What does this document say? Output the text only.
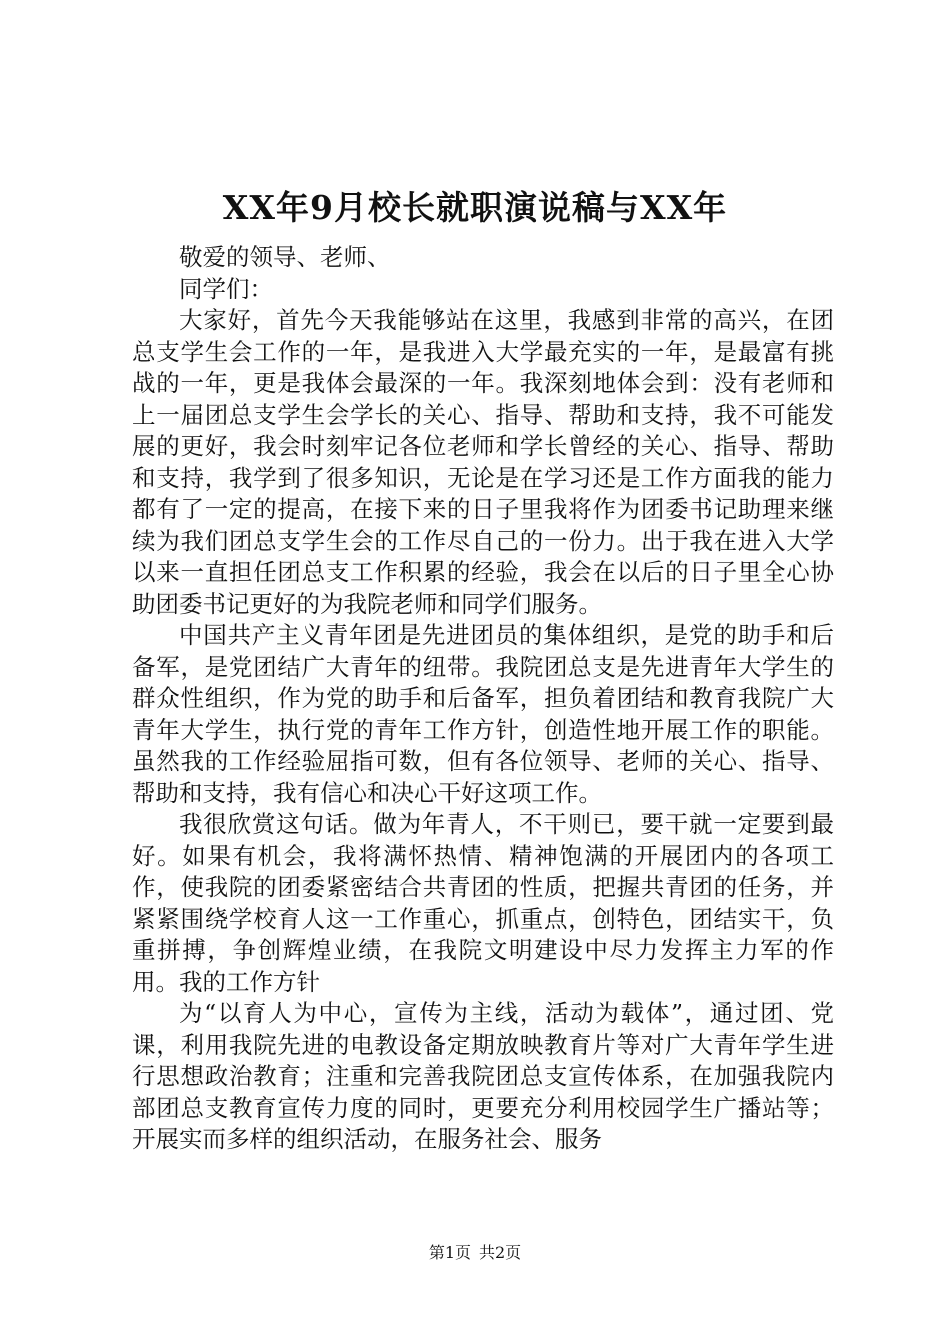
XX年9月校长就职演说稿与XX年

敬爱的领导、老师、

同学们：

大家好，首先今天我能够站在这里，我感到非常的高兴，在团总支学生会工作的一年，是我进入大学最充实的一年，是最富有挑战的一年，更是我体会最深的一年。我深刻地体会到：没有老师和上一届团总支学生会学长的关心、指导、帮助和支持，我不可能发展的更好，我会时刻牢记各位老师和学长曾经的关心、指导、帮助和支持，我学到了很多知识，无论是在学习还是工作方面我的能力都有了一定的提高，在接下来的日子里我将作为团委书记助理来继续为我们团总支学生会的工作尽自己的一份力。出于我在进入大学以来一直担任团总支工作积累的经验，我会在以后的日子里全心协助团委书记更好的为我院老师和同学们服务。

中国共产主义青年团是先进团员的集体组织，是党的助手和后备军，是党团结广大青年的纽带。我院团总支是先进青年大学生的群众性组织，作为党的助手和后备军，担负着团结和教育我院广大青年大学生，执行党的青年工作方针，创造性地开展工作的职能。虽然我的工作经验屈指可数，但有各位领导、老师的关心、指导、帮助和支持，我有信心和决心干好这项工作。

我很欣赏这句话。做为年青人，不干则已，要干就一定要到最好。如果有机会，我将满怀热情、精神饱满的开展团内的各项工作，使我院的团委紧密结合共青团的性质，把握共青团的任务，并紧紧围绕学校育人这一工作重心，抓重点，创特色，团结实干，负重拼搏，争创辉煌业绩，在我院文明建设中尽力发挥主力军的作用。我的工作方针

为“以育人为中心，宣传为主线，活动为载体”，通过团、党课，利用我院先进的电教设备定期放映教育片等对广大青年学生进行思想政治教育；注重和完善我院团总支宣传体系，在加强我院内部团总支教育宣传力度的同时，更要充分利用校园学生广播站等；开展实而多样的组织活动，在服务社会、服务

第1页 共2页
